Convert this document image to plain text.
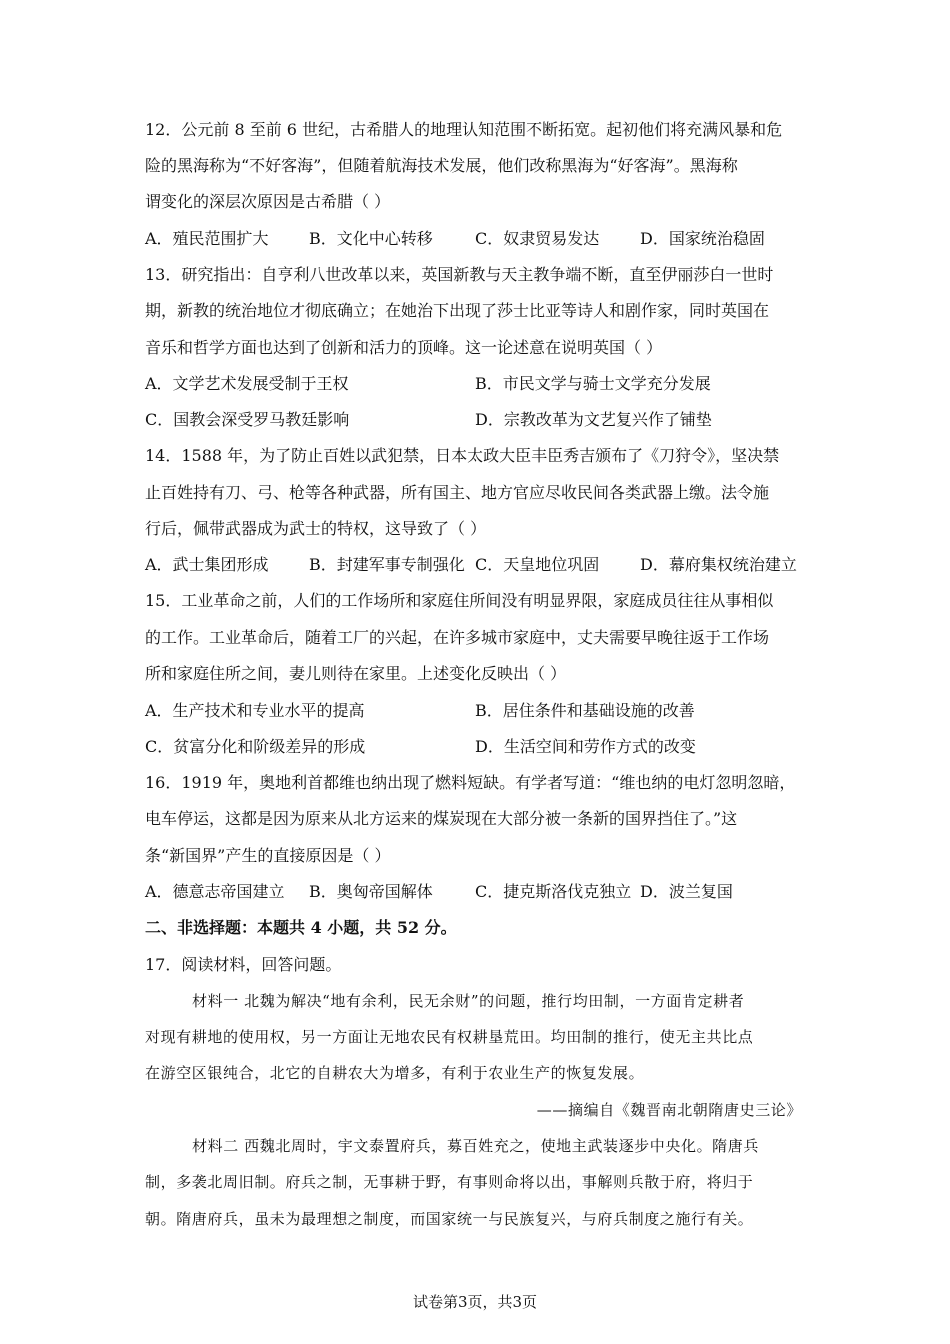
12．公元前 8 至前 6 世纪，古希腊人的地理认知范围不断拓宽。起初他们将充满风暴和危
险的黑海称为“不好客海”，但随着航海技术发展，他们改称黑海为“好客海”。黑海称
谓变化的深层次原因是古希腊（ ）
A．殖民范围扩大	B．文化中心转移	C．奴隶贸易发达	D．国家统治稳固
13．研究指出：自亨利八世改革以来，英国新教与天主教争端不断，直至伊丽莎白一世时
期，新教的统治地位才彻底确立；在她治下出现了莎士比亚等诗人和剧作家，同时英国在
音乐和哲学方面也达到了创新和活力的顶峰。这一论述意在说明英国（ ）
A．文学艺术发展受制于王权	B．市民文学与骑士文学充分发展
C．国教会深受罗马教廷影响	D．宗教改革为文艺复兴作了铺垫
14．1588 年，为了防止百姓以武犯禁，日本太政大臣丰臣秀吉颁布了《刀狩令》，坚决禁
止百姓持有刀、弓、枪等各种武器，所有国主、地方官应尽收民间各类武器上缴。法令施
行后，佩带武器成为武士的特权，这导致了（ ）
A．武士集团形成	B．封建军事专制强化 C．天皇地位巩固	D．幕府集权统治建立
15．工业革命之前，人们的工作场所和家庭住所间没有明显界限，家庭成员往往从事相似
的工作。工业革命后，随着工厂的兴起，在许多城市家庭中，丈夫需要早晚往返于工作场
所和家庭住所之间，妻儿则待在家里。上述变化反映出（ ）
A．生产技术和专业水平的提高	B．居住条件和基础设施的改善
C．贫富分化和阶级差异的形成	D．生活空间和劳作方式的改变
16．1919 年，奥地利首都维也纳出现了燃料短缺。有学者写道：“维也纳的电灯忽明忽暗，
电车停运，这都是因为原来从北方运来的煤炭现在大部分被一条新的国界挡住了。”这
条“新国界”产生的直接原因是（ ）
A．德意志帝国建立 B．奥匈帝国解体	C．捷克斯洛伐克独立 D．波兰复国
二、非选择题：本题共 4 小题，共 52 分。
17．阅读材料，回答问题。
材料一 北魏为解决“地有余利，民无余财”的问题，推行均田制，一方面肯定耕者
对现有耕地的使用权，另一方面让无地农民有权耕垦荒田。均田制的推行，使无主共比点
在游空区银纯合，北它的自耕农大为增多，有利于农业生产的恢复发展。
——摘编自《魏晋南北朝隋唐史三论》
材料二 西魏北周时，宇文泰置府兵，募百姓充之，使地主武装逐步中央化。隋唐兵
制，多袭北周旧制。府兵之制，无事耕于野，有事则命将以出，事解则兵散于府，将归于
朝。隋唐府兵，虽未为最理想之制度，而国家统一与民族复兴，与府兵制度之施行有关。
试卷第3页，共3页
